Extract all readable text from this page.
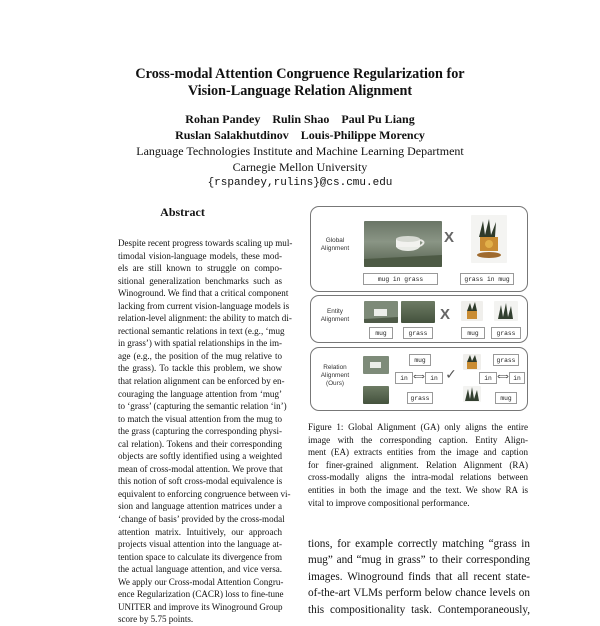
Cross-modal Attention Congruence Regularization for
Vision-Language Relation Alignment
Rohan Pandey    Rulin Shao    Paul Pu Liang
Ruslan Salakhutdinov    Louis-Philippe Morency
Language Technologies Institute and Machine Learning Department
Carnegie Mellon University
{rspandey,rulins}@cs.cmu.edu
Abstract
Despite recent progress towards scaling up mul-
timodal vision-language models, these mod-
els are still known to struggle on compo-
sitional generalization benchmarks such as
Winoground. We find that a critical component
lacking from current vision-language models is
relation-level alignment: the ability to match di-
rectional semantic relations in text (e.g., ‘mug
in grass’) with spatial relationships in the im-
age (e.g., the position of the mug relative to
the grass). To tackle this problem, we show
that relation alignment can be enforced by en-
couraging the language attention from ‘mug’
to ‘grass’ (capturing the semantic relation ‘in’)
to match the visual attention from the mug to
the grass (capturing the corresponding physi-
cal relation). Tokens and their corresponding
objects are softly identified using a weighted
mean of cross-modal attention. We prove that
this notion of soft cross-modal equivalence is
equivalent to enforcing congruence between vi-
sion and language attention matrices under a
‘change of basis’ provided by the cross-modal
attention matrix. Intuitively, our approach
projects visual attention into the language at-
tention space to calculate its divergence from
the actual language attention, and vice versa.
We apply our Cross-modal Attention Congru-
ence Regularization (CACR) loss to fine-tune
UNITER and improve its Winoground Group
score by 5.75 points.
Global
Alignment
X
mug in grass	grass in mug
Entity
Alignment	X
mug	grass	mug	grass
Relation
Alignment
(Ours)
mug
in ⟺ in
grass
✓
grass
in ⟺ in
mug
Figure 1: Global Alignment (GA) only aligns the entire
image with the corresponding caption. Entity Align-
ment (EA) extracts entities from the image and caption
for finer-grained alignment. Relation Alignment (RA)
cross-modally aligns the intra-modal relations between
entities in both the image and the text. We show RA is
vital to improve compositional performance.
tions, for example correctly matching “grass in
mug” and “mug in grass” to their corresponding
images. Winoground finds that all recent state-
of-the-art VLMs perform below chance levels on
this compositionality task. Contemporaneously,
